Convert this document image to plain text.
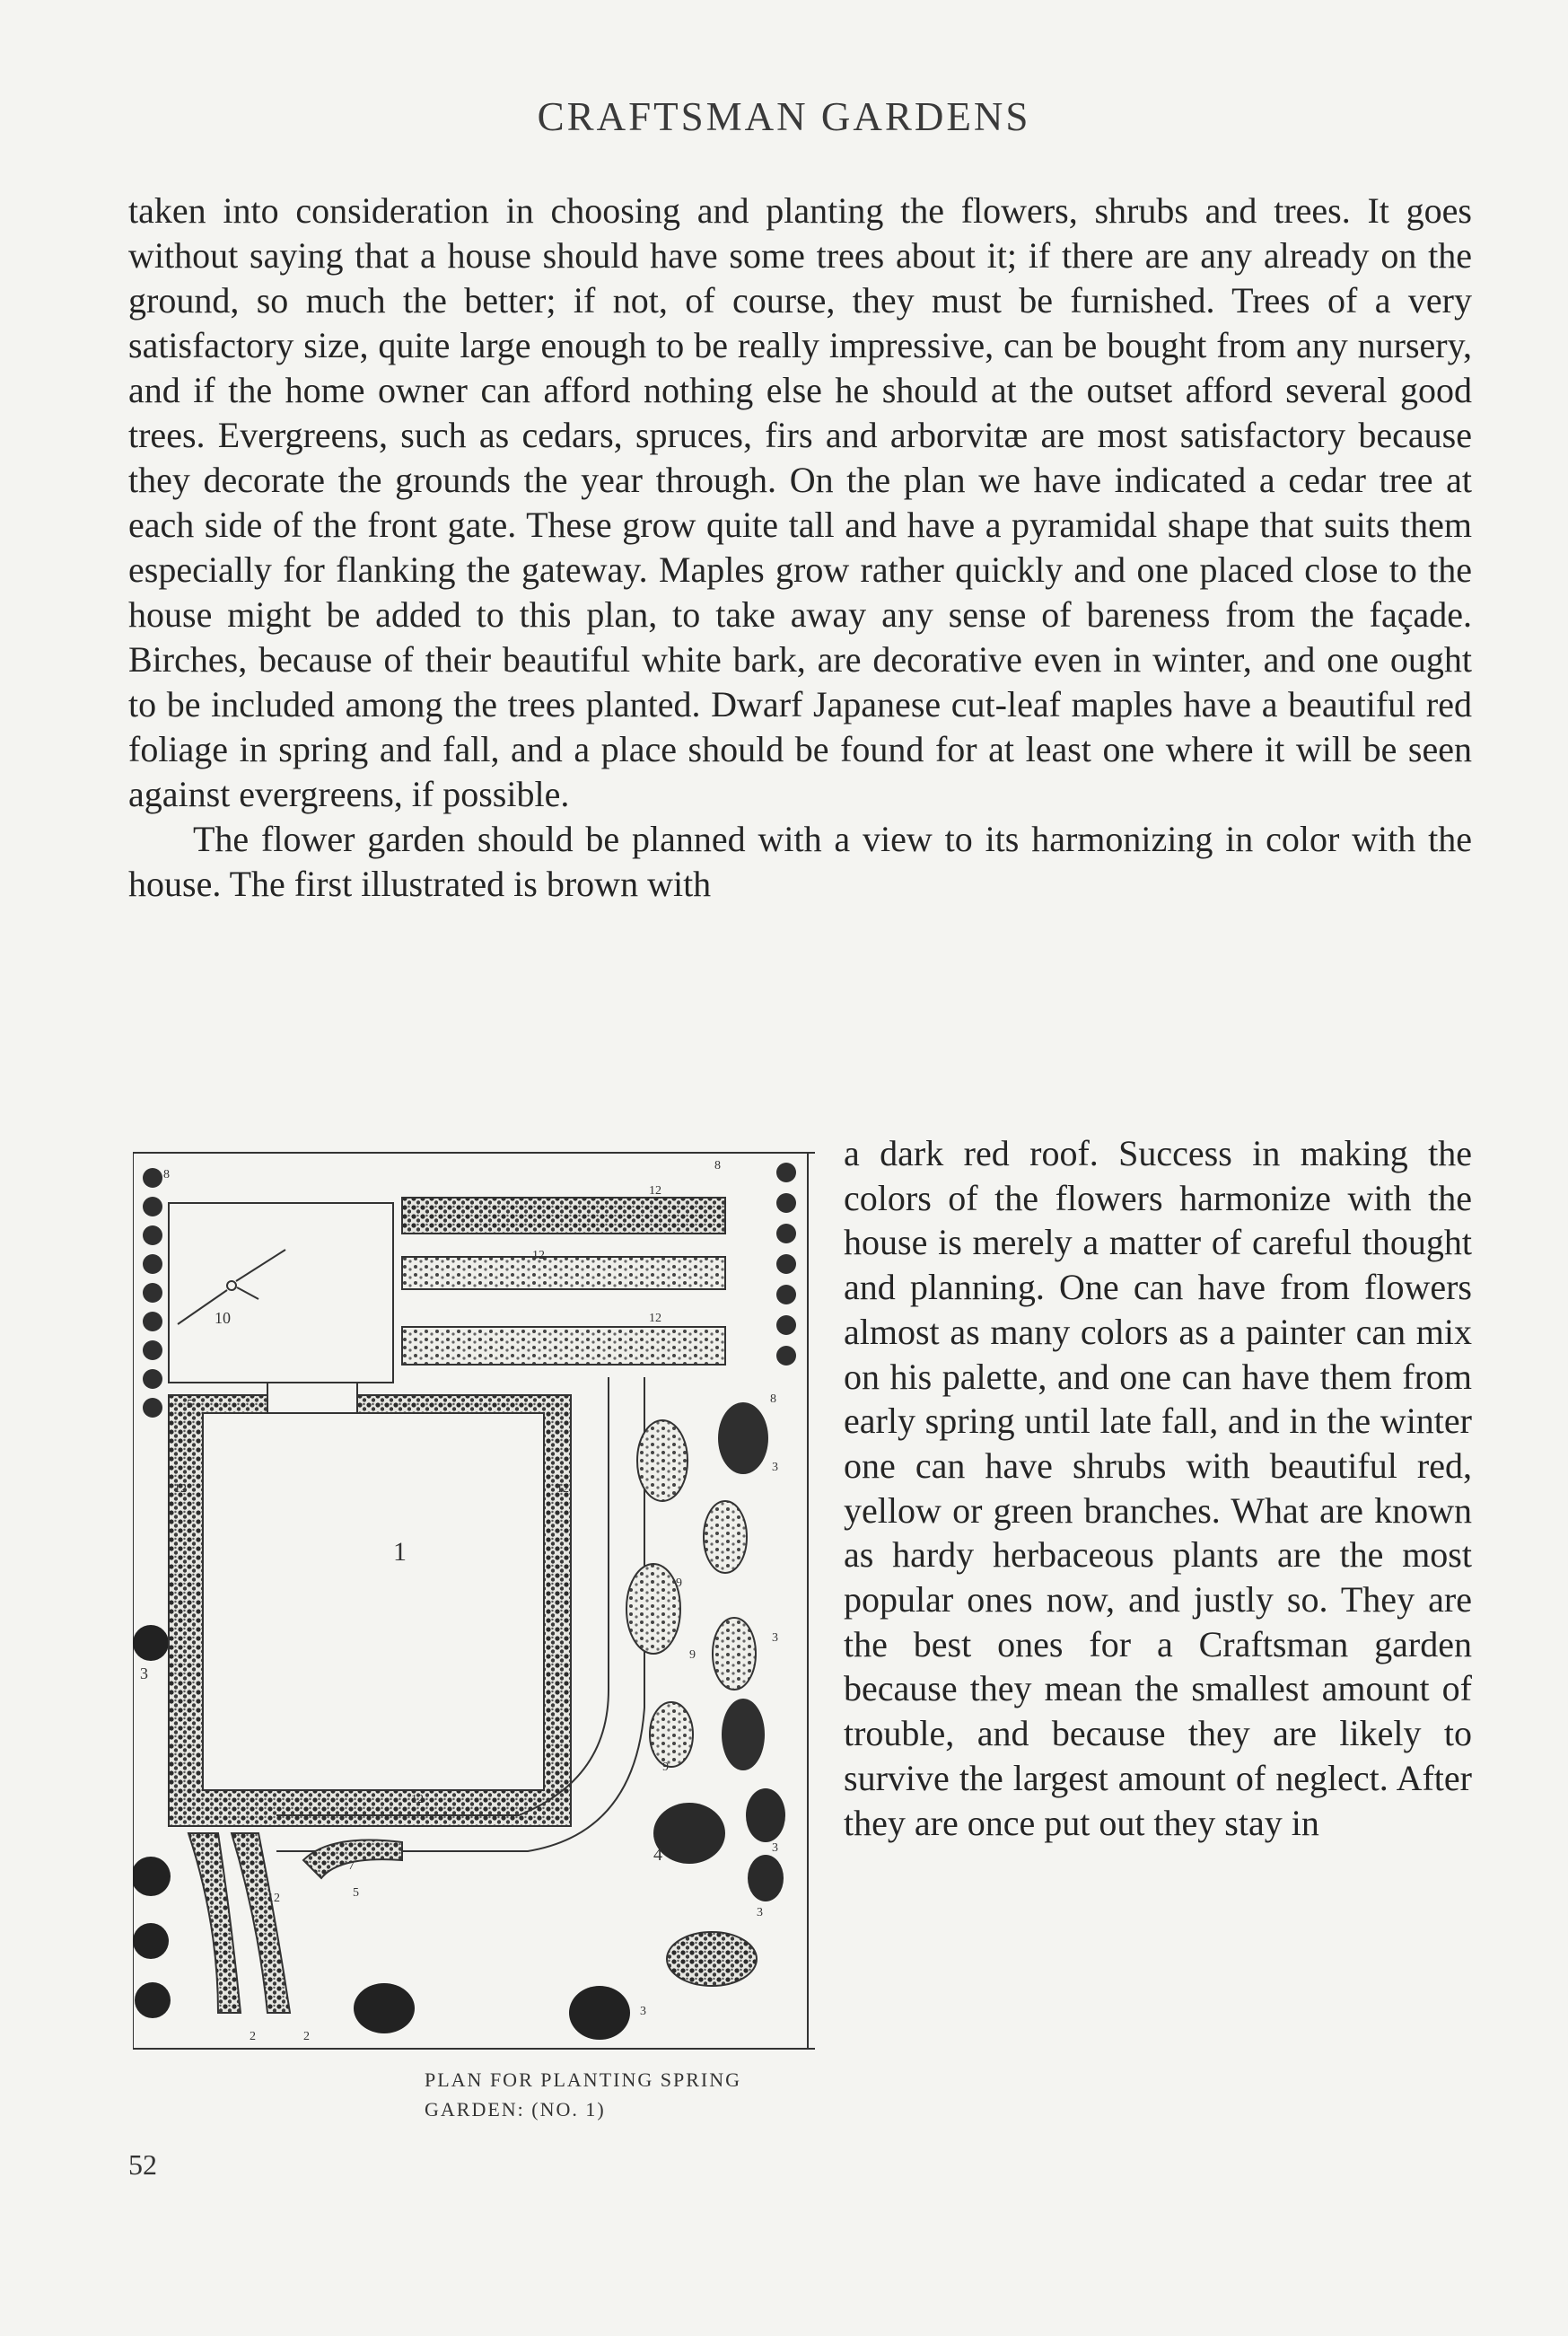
CRAFTSMAN GARDENS

taken into consideration in choosing and planting the flowers, shrubs and trees. It goes without saying that a house should have some trees about it; if there are any already on the ground, so much the better; if not, of course, they must be furnished. Trees of a very satisfactory size, quite large enough to be really impressive, can be bought from any nursery, and if the home owner can afford nothing else he should at the outset afford several good trees. Evergreens, such as cedars, spruces, firs and arborvitæ are most satisfactory because they decorate the grounds the year through. On the plan we have indicated a cedar tree at each side of the front gate. These grow quite tall and have a pyramidal shape that suits them especially for flanking the gateway. Maples grow rather quickly and one placed close to the house might be added to this plan, to take away any sense of bareness from the façade. Birches, because of their beautiful white bark, are decorative even in winter, and one ought to be included among the trees planted. Dwarf Japanese cut-leaf maples have a beautiful red foliage in spring and fall, and a place should be found for at least one where it will be seen against evergreens, if possible.

The flower garden should be planned with a view to its harmonizing in color with the house. The first illustrated is brown with

3
8
10
12
12
12
8
1
5
12	12
12
3
3
3
3
3
9
9
9
8
4
12
7
5
2	2
PLAN FOR PLANTING SPRING
GARDEN: (NO. 1)

a dark red roof. Success in making the colors of the flowers harmonize with the house is merely a matter of careful thought and planning. One can have from flowers almost as many colors as a painter can mix on his palette, and one can have them from early spring until late fall, and in the winter one can have shrubs with beautiful red, yellow or green branches. What are known as hardy herbaceous plants are the most popular ones now, and justly so. They are the best ones for a Craftsman garden because they mean the smallest amount of trouble, and because they are likely to survive the largest amount of neglect. After they are once put out they stay in

52
